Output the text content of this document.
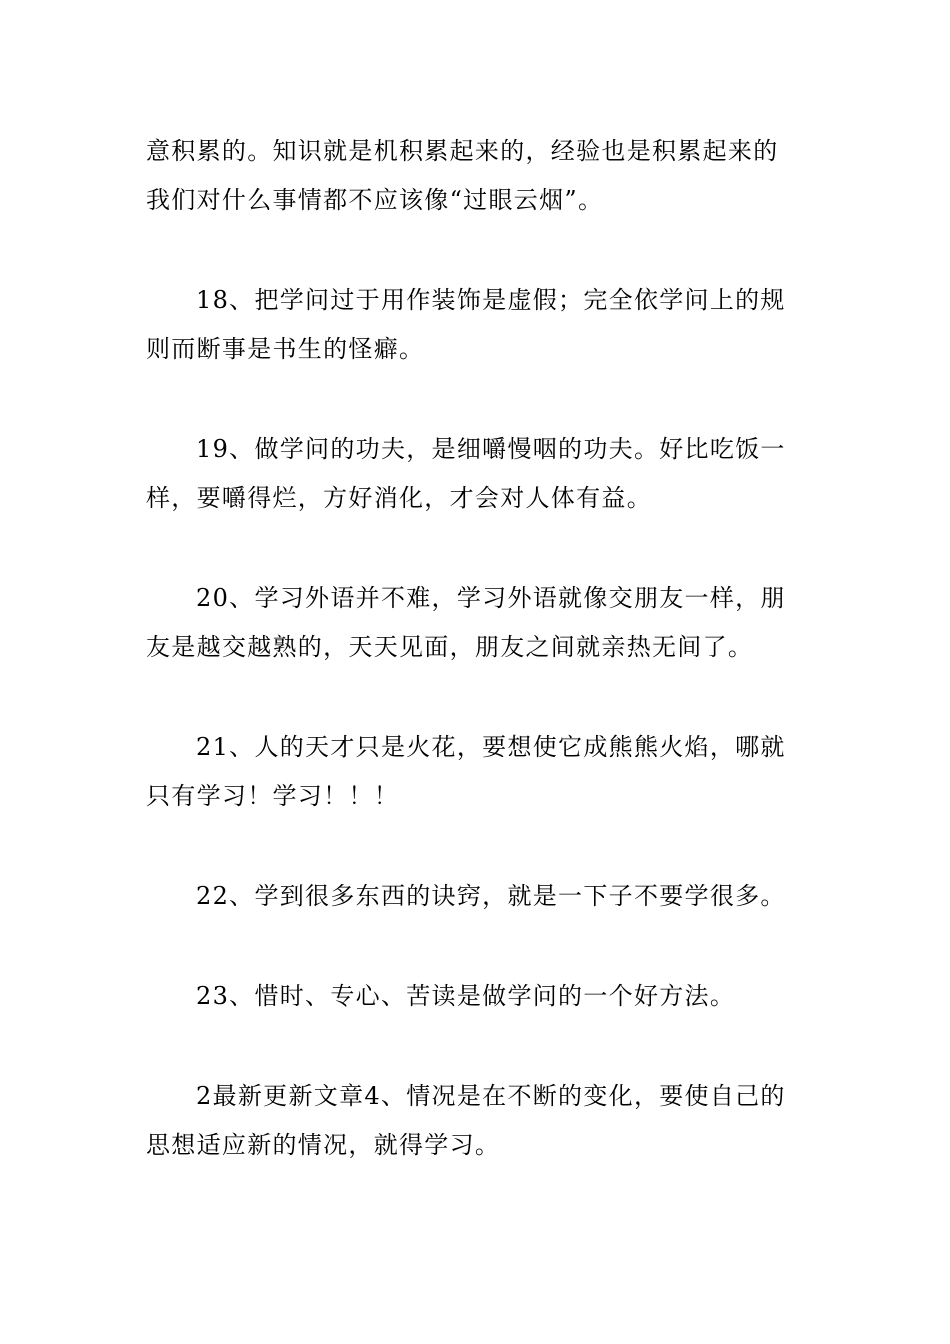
意积累的。知识就是机积累起来的，经验也是积累起来的
我们对什么事情都不应该像“过眼云烟”。
18、把学问过于用作装饰是虚假；完全依学问上的规
则而断事是书生的怪癖。
19、做学问的功夫，是细嚼慢咽的功夫。好比吃饭一
样，要嚼得烂，方好消化，才会对人体有益。
20、学习外语并不难，学习外语就像交朋友一样，朋
友是越交越熟的，天天见面，朋友之间就亲热无间了。
21、人的天才只是火花，要想使它成熊熊火焰，哪就
只有学习！学习！！！
22、学到很多东西的诀窍，就是一下子不要学很多。
23、惜时、专心、苦读是做学问的一个好方法。
2最新更新文章4、情况是在不断的变化，要使自己的
思想适应新的情况，就得学习。
